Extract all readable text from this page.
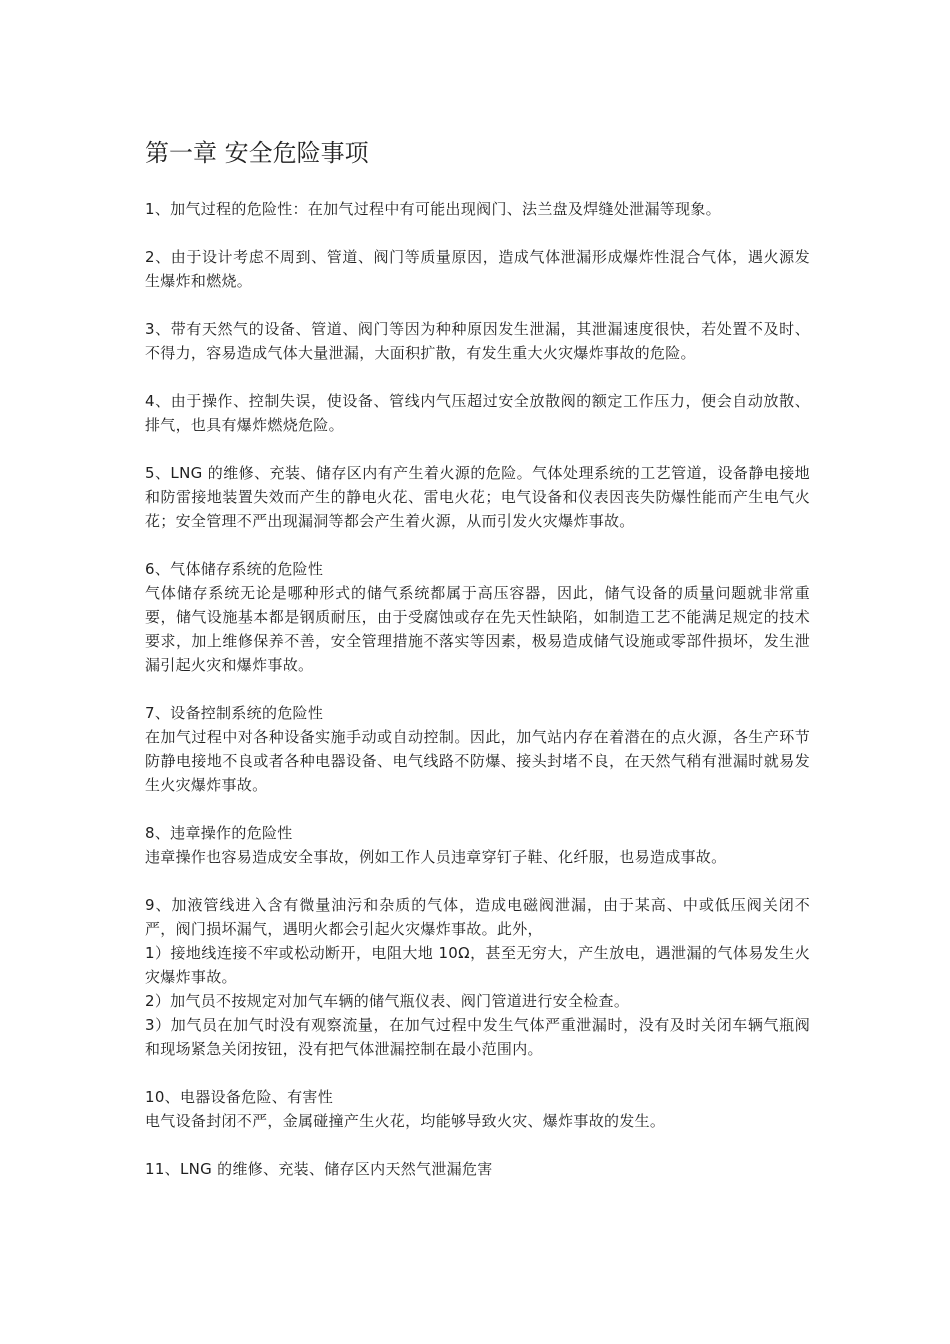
第一章 安全危险事项
1、加气过程的危险性：在加气过程中有可能出现阀门、法兰盘及焊缝处泄漏等现象。
2、由于设计考虑不周到、管道、阀门等质量原因，造成气体泄漏形成爆炸性混合气体，遇火源发生爆炸和燃烧。
3、带有天然气的设备、管道、阀门等因为种种原因发生泄漏，其泄漏速度很快，若处置不及时、不得力，容易造成气体大量泄漏，大面积扩散，有发生重大火灾爆炸事故的危险。
4、由于操作、控制失误，使设备、管线内气压超过安全放散阀的额定工作压力，便会自动放散、排气，也具有爆炸燃烧危险。
5、LNG 的维修、充装、储存区内有产生着火源的危险。气体处理系统的工艺管道，设备静电接地和防雷接地装置失效而产生的静电火花、雷电火花；电气设备和仪表因丧失防爆性能而产生电气火花；安全管理不严出现漏洞等都会产生着火源，从而引发火灾爆炸事故。
6、气体储存系统的危险性
气体储存系统无论是哪种形式的储气系统都属于高压容器，因此，储气设备的质量问题就非常重要，储气设施基本都是钢质耐压，由于受腐蚀或存在先天性缺陷，如制造工艺不能满足规定的技术要求，加上维修保养不善，安全管理措施不落实等因素，极易造成储气设施或零部件损坏，发生泄漏引起火灾和爆炸事故。
7、设备控制系统的危险性
在加气过程中对各种设备实施手动或自动控制。因此，加气站内存在着潜在的点火源，各生产环节防静电接地不良或者各种电器设备、电气线路不防爆、接头封堵不良，在天然气稍有泄漏时就易发生火灾爆炸事故。
8、违章操作的危险性
违章操作也容易造成安全事故，例如工作人员违章穿钉子鞋、化纤服，也易造成事故。
9、加液管线进入含有微量油污和杂质的气体，造成电磁阀泄漏，由于某高、中或低压阀关闭不严，阀门损坏漏气，遇明火都会引起火灾爆炸事故。此外，
1）接地线连接不牢或松动断开，电阻大地 10Ω，甚至无穷大，产生放电，遇泄漏的气体易发生火灾爆炸事故。
2）加气员不按规定对加气车辆的储气瓶仪表、阀门管道进行安全检查。
3）加气员在加气时没有观察流量，在加气过程中发生气体严重泄漏时，没有及时关闭车辆气瓶阀和现场紧急关闭按钮，没有把气体泄漏控制在最小范围内。
10、电器设备危险、有害性
电气设备封闭不严，金属碰撞产生火花，均能够导致火灾、爆炸事故的发生。
11、LNG 的维修、充装、储存区内天然气泄漏危害
